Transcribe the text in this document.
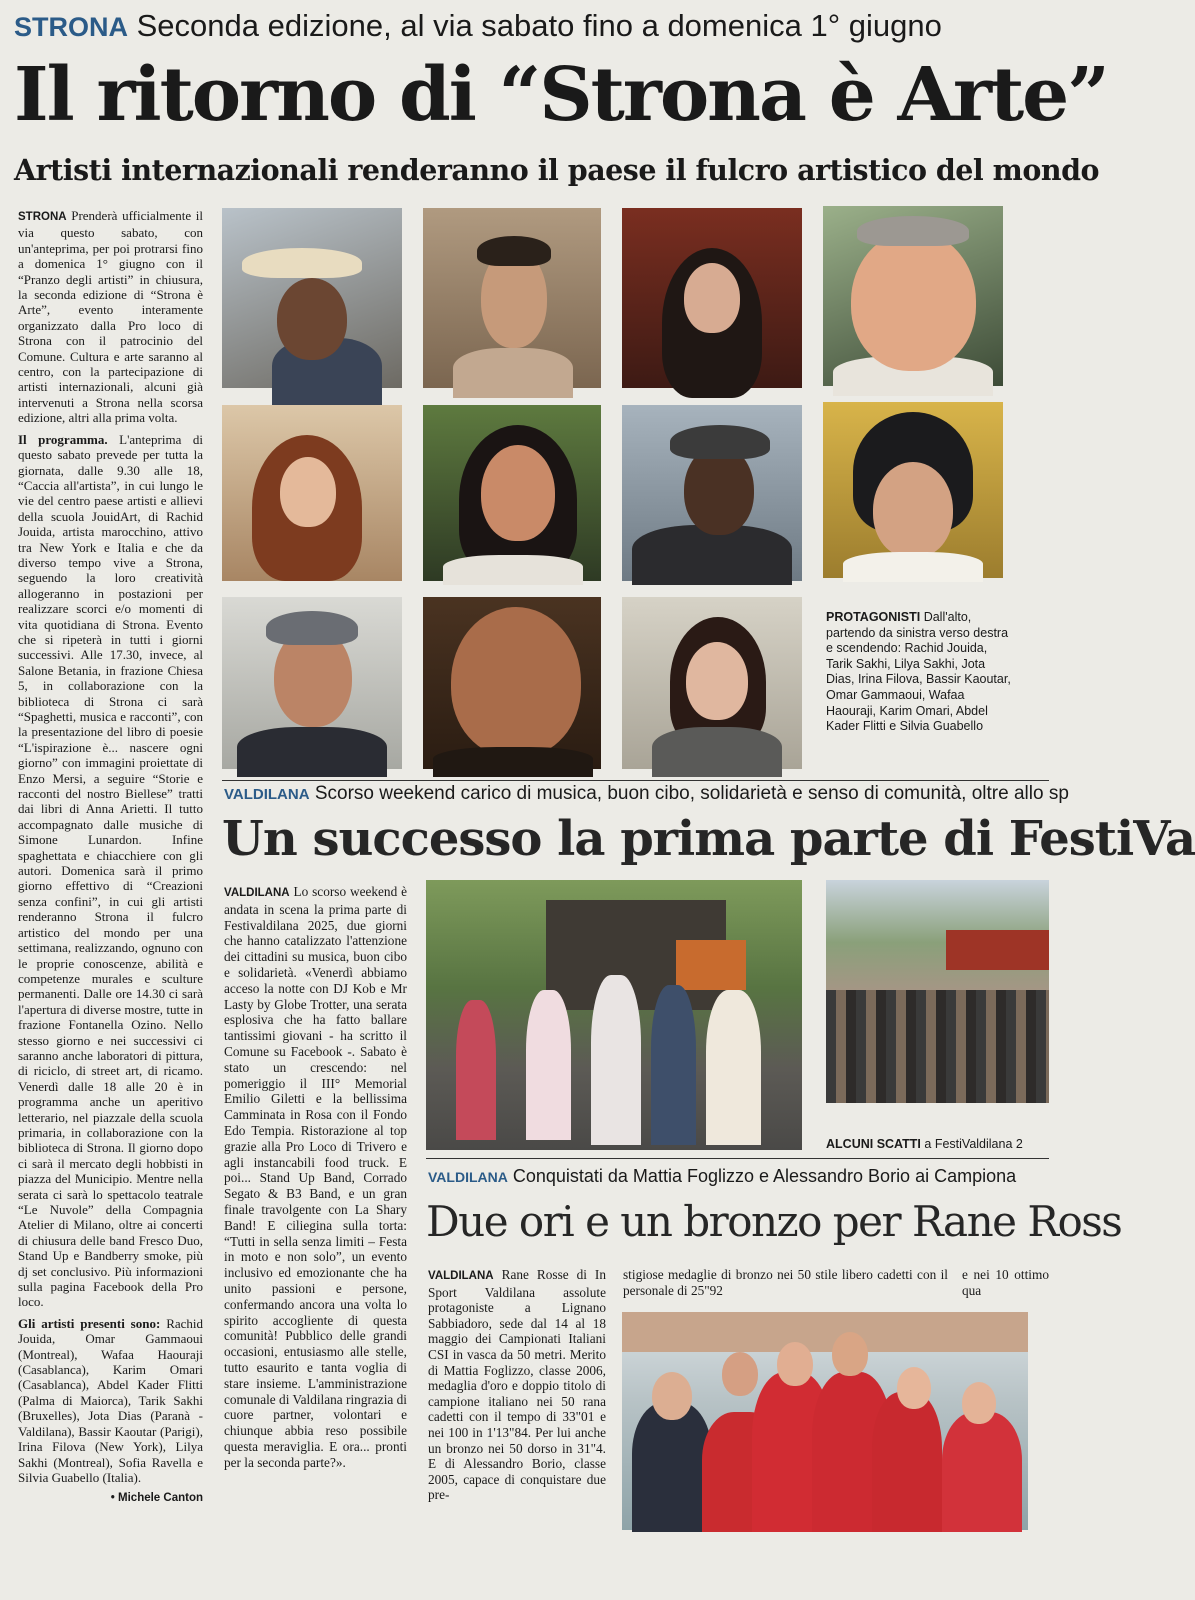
STRONA Seconda edizione, al via sabato fino a domenica 1° giugno
Il ritorno di “Strona è Arte”
Artisti internazionali renderanno il paese il fulcro artistico del mondo

STRONA Prenderà ufficialmente il via questo sabato, con un'anteprima, per poi protrarsi fino a domenica 1° giugno con il “Pranzo degli artisti” in chiusura, la seconda edizione di “Strona è Arte”, evento interamente organizzato dalla Pro loco di Strona con il patrocinio del Comune. Cultura e arte saranno al centro, con la partecipazione di artisti internazionali, alcuni già intervenuti a Strona nella scorsa edizione, altri alla prima volta.

Il programma. L'anteprima di questo sabato prevede per tutta la giornata, dalle 9.30 alle 18, “Caccia all'artista”, in cui lungo le vie del centro paese artisti e allievi della scuola JouidArt, di Rachid Jouida, artista marocchino, attivo tra New York e Italia e che da diverso tempo vive a Strona, seguendo la loro creatività allogeranno in postazioni per realizzare scorci e/o momenti di vita quotidiana di Strona. Evento che si ripeterà in tutti i giorni successivi. Alle 17.30, invece, al Salone Betania, in frazione Chiesa 5, in collaborazione con la biblioteca di Strona ci sarà “Spaghetti, musica e racconti”, con la presentazione del libro di poesie “L'ispirazione è... nascere ogni giorno” con immagini proiettate di Enzo Mersi, a seguire “Storie e racconti del nostro Biellese” tratti dai libri di Anna Arietti. Il tutto accompagnato dalle musiche di Simone Lunardon. Infine spaghettata e chiacchiere con gli autori. Domenica sarà il primo giorno effettivo di “Creazioni senza confini”, in cui gli artisti renderanno Strona il fulcro artistico del mondo per una settimana, realizzando, ognuno con le proprie conoscenze, abilità e competenze murales e sculture permanenti. Dalle ore 14.30 ci sarà l'apertura di diverse mostre, tutte in frazione Fontanella Ozino. Nello stesso giorno e nei successivi ci saranno anche laboratori di pittura, di riciclo, di street art, di ricamo. Venerdì dalle 18 alle 20 è in programma anche un aperitivo letterario, nel piazzale della scuola primaria, in collaborazione con la biblioteca di Strona. Il giorno dopo ci sarà il mercato degli hobbisti in piazza del Municipio. Mentre nella serata ci sarà lo spettacolo teatrale “Le Nuvole” della Compagnia Atelier di Milano, oltre ai concerti di chiusura delle band Fresco Duo, Stand Up e Bandberry smoke, più dj set conclusivo. Più informazioni sulla pagina Facebook della Pro loco.

Gli artisti presenti sono: Rachid Jouida, Omar Gammaoui (Montreal), Wafaa Haouraji (Casablanca), Karim Omari (Casablanca), Abdel Kader Flitti (Palma di Maiorca), Tarik Sakhi (Bruxelles), Jota Dias (Paranà - Valdilana), Bassir Kaoutar (Parigi), Irina Filova (New York), Lilya Sakhi (Montreal), Sofia Ravella e Silvia Guabello (Italia).

• Michele Canton
PROTAGONISTI Dall'alto, partendo da sinistra verso destra e scendendo: Rachid Jouida, Tarik Sakhi, Lilya Sakhi, Jota Dias, Irina Filova, Bassir Kaoutar, Omar Gammaoui, Wafaa Haouraji, Karim Omari, Abdel Kader Flitti e Silvia Guabello
VALDILANA Scorso weekend carico di musica, buon cibo, solidarietà e senso di comunità, oltre allo sp
Un successo la prima parte di FestiVa
VALDILANA Lo scorso weekend è andata in scena la prima parte di Festivaldilana 2025, due giorni che hanno catalizzato l'attenzione dei cittadini su musica, buon cibo e solidarietà. «Venerdì abbiamo acceso la notte con DJ Kob e Mr Lasty by Globe Trotter, una serata esplosiva che ha fatto ballare tantissimi giovani - ha scritto il Comune su Facebook -. Sabato è stato un crescendo: nel pomeriggio il III° Memorial Emilio Giletti e la bellissima Camminata in Rosa con il Fondo Edo Tempia. Ristorazione al top grazie alla Pro Loco di Trivero e agli instancabili food truck. E poi... Stand Up Band, Corrado Segato & B3 Band, e un gran finale travolgente con La Shary Band! E ciliegina sulla torta: “Tutti in sella senza limiti – Festa in moto e non solo”, un evento inclusivo ed emozionante che ha unito passioni e persone, confermando ancora una volta lo spirito accogliente di questa comunità! Pubblico delle grandi occasioni, entusiasmo alle stelle, tutto esaurito e tanta voglia di stare insieme. L'amministrazione comunale di Valdilana ringrazia di cuore partner, volontari e chiunque abbia reso possibile questa meraviglia. E ora... pronti per la seconda parte?».
ALCUNI SCATTI a FestiValdilana 2
VALDILANA Conquistati da Mattia Foglizzo e Alessandro Borio ai Campiona
Due ori e un bronzo per Rane Ross
VALDILANA Rane Rosse di In Sport Valdilana assolute protagoniste a Lignano Sabbiadoro, sede dal 14 al 18 maggio dei Campionati Italiani CSI in vasca da 50 metri. Merito di Mattia Foglizzo, classe 2006, medaglia d'oro e doppio titolo di campione italiano nei 50 rana cadetti con il tempo di 33"01 e nei 100 in 1'13"84. Per lui anche un bronzo nei 50 dorso in 31"4. E di Alessandro Borio, classe 2005, capace di conquistare due pre-
stigiose medaglie di bronzo nei 50 stile libero cadetti con il personale di 25"92
e nei 10 ottimo qua
